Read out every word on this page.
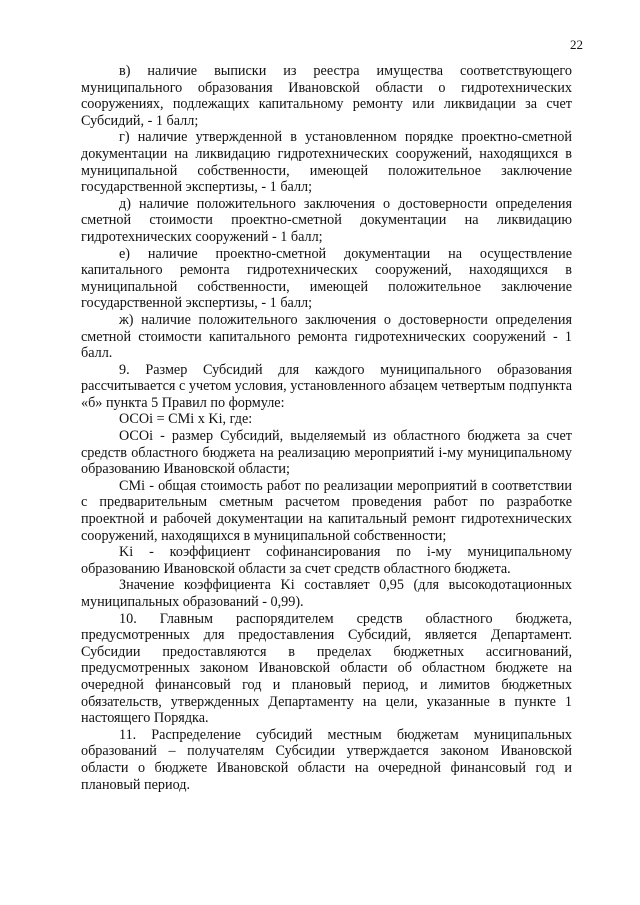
22

в) наличие выписки из реестра имущества соответствующего муниципального образования Ивановской области о гидротехнических сооружениях, подлежащих капитальному ремонту или ликвидации за счет Субсидий, - 1 балл;

г) наличие утвержденной в установленном порядке проектно-сметной документации на ликвидацию гидротехнических сооружений, находящихся в муниципальной собственности, имеющей положительное заключение государственной экспертизы, - 1 балл;

д) наличие положительного заключения о достоверности определения сметной стоимости проектно-сметной документации на ликвидацию гидротехнических сооружений - 1 балл;

е) наличие проектно-сметной документации на осуществление капитального ремонта гидротехнических сооружений, находящихся в муниципальной собственности, имеющей положительное заключение государственной экспертизы, - 1 балл;

ж) наличие положительного заключения о достоверности определения сметной стоимости капитального ремонта гидротехнических сооружений - 1 балл.

9. Размер Субсидий для каждого муниципального образования рассчитывается с учетом условия, установленного абзацем четвертым подпункта «б» пункта 5 Правил по формуле:

ОСОi = СМi x Ki, где:

ОСОi - размер Субсидий, выделяемый из областного бюджета за счет средств областного бюджета на реализацию мероприятий i-му муниципальному образованию Ивановской области;

СМi - общая стоимость работ по реализации мероприятий в соответствии с предварительным сметным расчетом проведения работ по разработке проектной и рабочей документации на капитальный ремонт гидротехнических сооружений, находящихся в муниципальной собственности;

Ki - коэффициент софинансирования по i-му муниципальному образованию Ивановской области за счет средств областного бюджета.

Значение коэффициента Ki составляет 0,95 (для высокодотационных муниципальных образований - 0,99).

10. Главным распорядителем средств областного бюджета, предусмотренных для предоставления Субсидий, является Департамент. Субсидии предоставляются в пределах бюджетных ассигнований, предусмотренных законом Ивановской области об областном бюджете на очередной финансовый год и плановый период, и лимитов бюджетных обязательств, утвержденных Департаменту на цели, указанные в пункте 1 настоящего Порядка.

11. Распределение субсидий местным бюджетам муниципальных образований – получателям Субсидии утверждается законом Ивановской области о бюджете Ивановской области на очередной финансовый год и плановый период.
